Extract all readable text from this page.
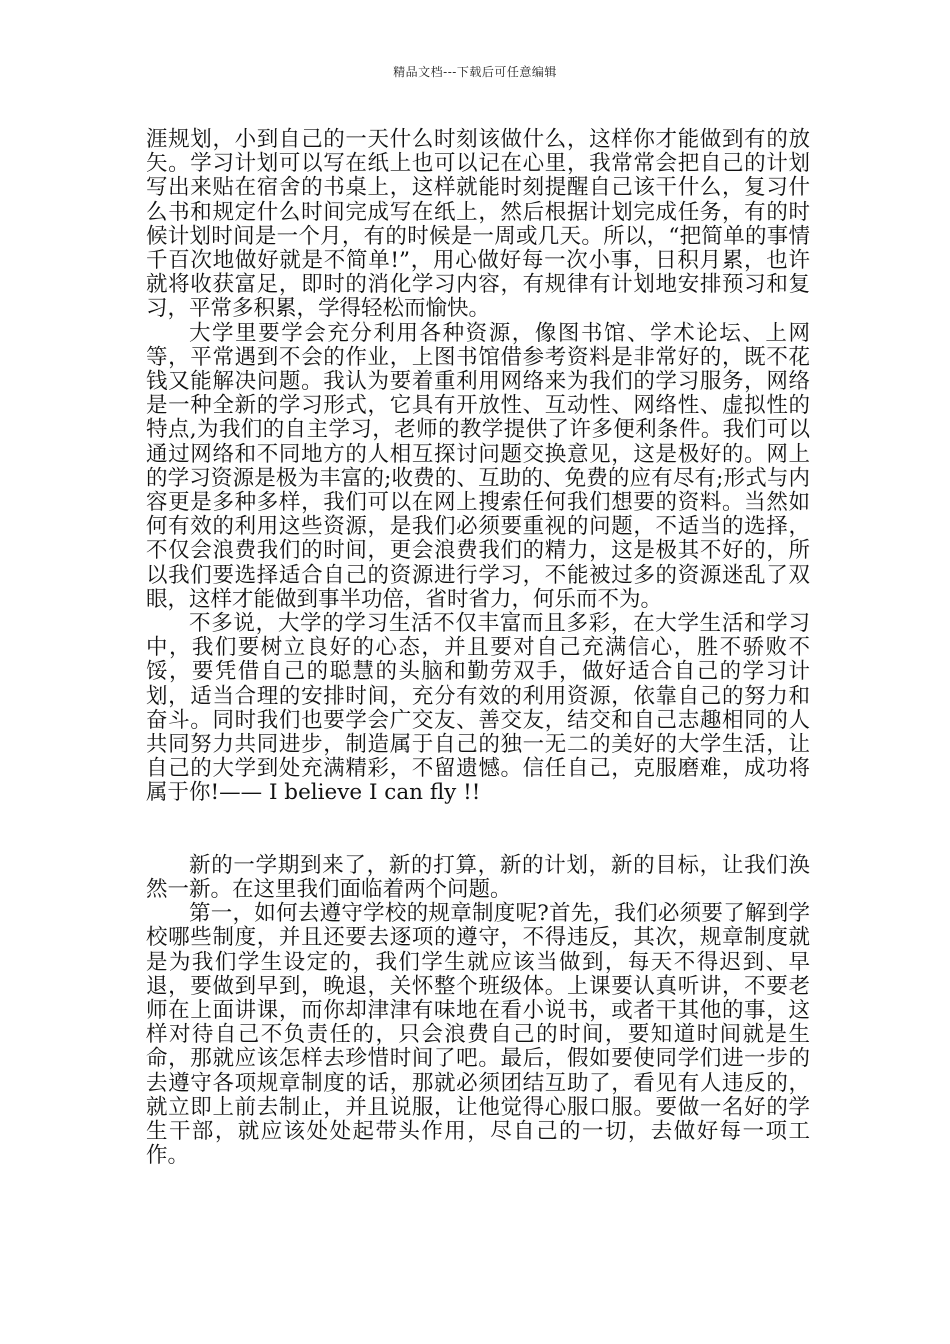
精品文档---下载后可任意编辑

涯规划，小到自己的一天什么时刻该做什么，这样你才能做到有的放矢。学习计划可以写在纸上也可以记在心里，我常常会把自己的计划写出来贴在宿舍的书桌上，这样就能时刻提醒自己该干什么，复习什么书和规定什么时间完成写在纸上，然后根据计划完成任务，有的时候计划时间是一个月，有的时候是一周或几天。所以，“把简单的事情千百次地做好就是不简单!”，用心做好每一次小事，日积月累，也许就将收获富足，即时的消化学习内容，有规律有计划地安排预习和复习，平常多积累，学得轻松而愉快。

大学里要学会充分利用各种资源，像图书馆、学术论坛、上网等，平常遇到不会的作业，上图书馆借参考资料是非常好的，既不花钱又能解决问题。我认为要着重利用网络来为我们的学习服务，网络是一种全新的学习形式，它具有开放性、互动性、网络性、虚拟性的特点,为我们的自主学习，老师的教学提供了许多便利条件。我们可以通过网络和不同地方的人相互探讨问题交换意见，这是极好的。网上的学习资源是极为丰富的;收费的、互助的、免费的应有尽有;形式与内容更是多种多样，我们可以在网上搜索任何我们想要的资料。当然如何有效的利用这些资源，是我们必须要重视的问题，不适当的选择，不仅会浪费我们的时间，更会浪费我们的精力，这是极其不好的，所以我们要选择适合自己的资源进行学习，不能被过多的资源迷乱了双眼，这样才能做到事半功倍，省时省力，何乐而不为。

不多说，大学的学习生活不仅丰富而且多彩，在大学生活和学习中，我们要树立良好的心态，并且要对自己充满信心，胜不骄败不馁，要凭借自己的聪慧的头脑和勤劳双手，做好适合自己的学习计划，适当合理的安排时间，充分有效的利用资源，依靠自己的努力和奋斗。同时我们也要学会广交友、善交友，结交和自己志趣相同的人共同努力共同进步，制造属于自己的独一无二的美好的大学生活，让自己的大学到处充满精彩，不留遗憾。信任自己，克服磨难，成功将属于你!—— I believe I can fly !!

新的一学期到来了，新的打算，新的计划，新的目标，让我们涣然一新。在这里我们面临着两个问题。

第一，如何去遵守学校的规章制度呢?首先，我们必须要了解到学校哪些制度，并且还要去逐项的遵守，不得违反，其次，规章制度就是为我们学生设定的，我们学生就应该当做到，每天不得迟到、早退，要做到早到，晚退，关怀整个班级体。上课要认真听讲，不要老师在上面讲课，而你却津津有味地在看小说书，或者干其他的事，这样对待自己不负责任的，只会浪费自己的时间，要知道时间就是生命，那就应该怎样去珍惜时间了吧。最后，假如要使同学们进一步的去遵守各项规章制度的话，那就必须团结互助了，看见有人违反的，就立即上前去制止，并且说服，让他觉得心服口服。要做一名好的学生干部，就应该处处起带头作用，尽自己的一切，去做好每一项工作。
